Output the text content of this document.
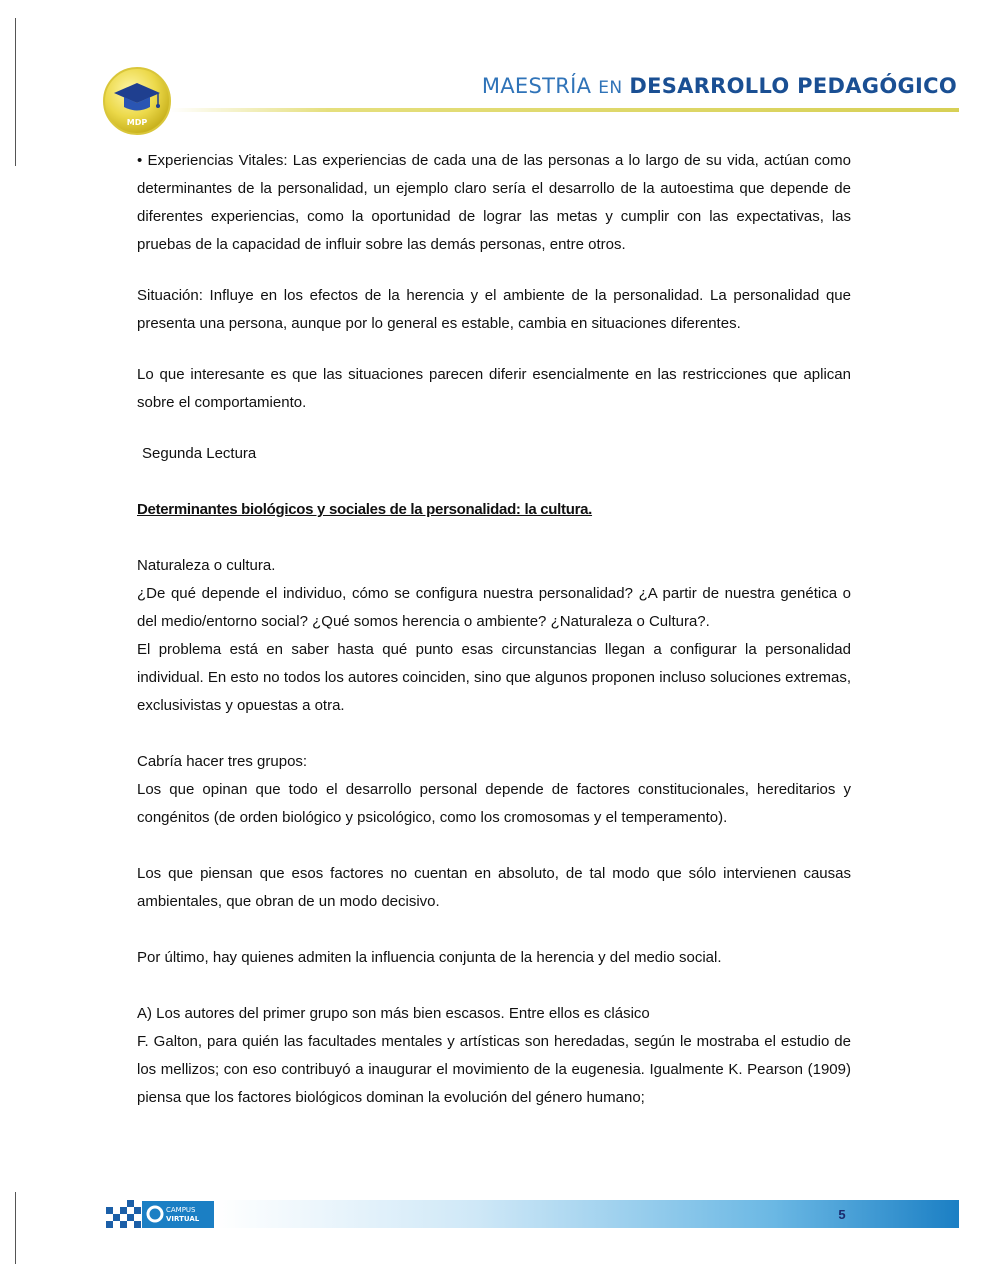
MDP
MAESTRÍA EN DESARROLLO PEDAGÓGICO

• Experiencias Vitales: Las experiencias de cada una de las personas a lo largo de su vida, actúan como determinantes de la personalidad, un ejemplo claro sería el desarrollo de la autoestima que depende de diferentes experiencias, como la oportunidad de lograr las metas y cumplir con las expectativas, las pruebas de la capacidad de influir sobre las demás personas, entre otros.

Situación: Influye en los efectos de la herencia y el ambiente de la personalidad. La personalidad que presenta una persona, aunque por lo general es estable, cambia en situaciones diferentes.

Lo que interesante es que las situaciones parecen diferir esencialmente en las restricciones que aplican sobre el comportamiento.

Segunda Lectura

Determinantes biológicos y sociales de la personalidad: la cultura.

Naturaleza o cultura.

¿De qué depende el individuo, cómo se configura nuestra personalidad? ¿A partir de nuestra genética o del medio/entorno social? ¿Qué somos herencia o ambiente? ¿Naturaleza o Cultura?.

El problema está en saber hasta qué punto esas circunstancias llegan a configurar la personalidad individual. En esto no todos los autores coinciden, sino que algunos proponen incluso soluciones extremas, exclusivistas y opuestas a otra.

Cabría hacer tres grupos:

Los que opinan que todo el desarrollo personal depende de factores constitucionales, hereditarios y congénitos (de orden biológico y psicológico, como los cromosomas y el temperamento).

Los que piensan que esos factores no cuentan en absoluto, de tal modo que sólo intervienen causas ambientales, que obran de un modo decisivo.

Por último, hay quienes admiten la influencia conjunta de la herencia y del medio social.

A) Los autores del primer grupo son más bien escasos. Entre ellos es clásico

F. Galton, para quién las facultades mentales y artísticas son heredadas, según le mostraba el estudio de los mellizos; con eso contribuyó a inaugurar el movimiento de la eugenesia. Igualmente K. Pearson (1909) piensa que los factores biológicos dominan la evolución del género humano;

CAMPUS
VIRTUAL	5
